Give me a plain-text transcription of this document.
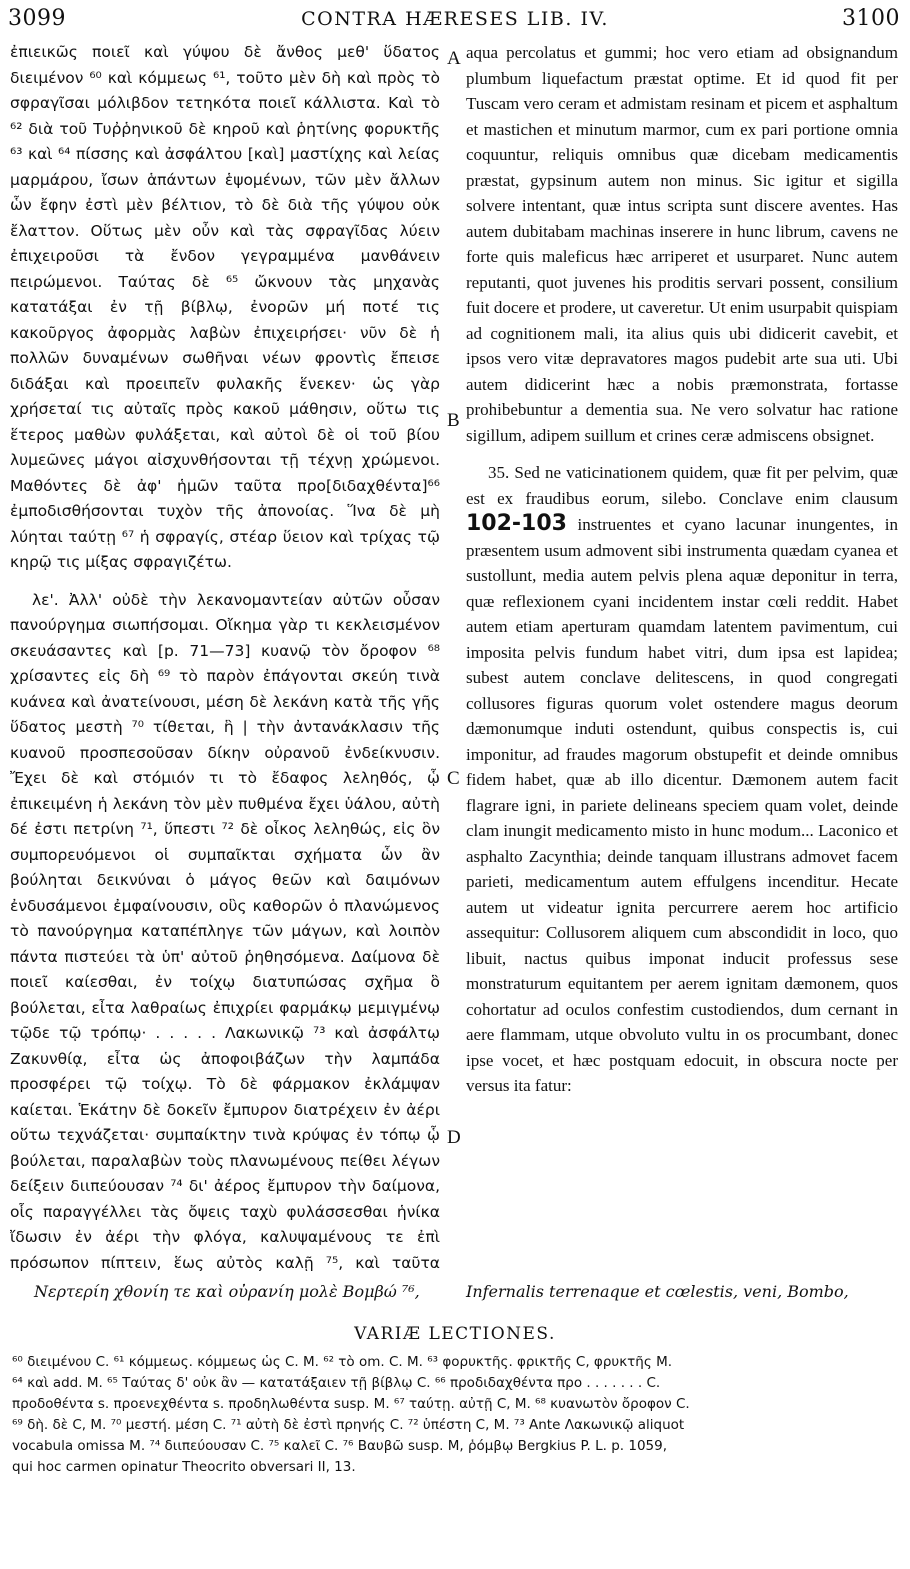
3099	CONTRA HÆRESES LIB. IV.	3100

ἐπιεικῶς ποιεῖ καὶ γύψου δὲ ἄνθος μεθ' ὕδατος διειμένον ⁶⁰ καὶ κόμμεως ⁶¹, τοῦτο μὲν δὴ καὶ πρὸς τὸ σφραγῖσαι μόλιβδον τετηκότα ποιεῖ κάλλιστα. Καὶ τὸ ⁶² διὰ τοῦ Τυῤῥηνικοῦ δὲ κηροῦ καὶ ῥητίνης φορυκτῆς ⁶³ καὶ ⁶⁴ πίσσης καὶ ἀσφάλτου [καὶ] μαστίχης καὶ λείας μαρμάρου, ἴσων ἁπάντων ἑψομένων, τῶν μὲν ἄλλων ὧν ἔφην ἐστὶ μὲν βέλτιον, τὸ δὲ διὰ τῆς γύψου οὐκ ἔλαττον. Οὕτως μὲν οὖν καὶ τὰς σφραγῖδας λύειν ἐπιχειροῦσι τὰ ἔνδον γεγραμμένα μανθάνειν πειρώμενοι. Ταύτας δὲ ⁶⁵ ὤκνουν τὰς μηχανὰς κατατάξαι ἐν τῇ βίβλῳ, ἐνορῶν μή ποτέ τις κακοῦργος ἀφορμὰς λαβὼν ἐπιχειρήσει· νῦν δὲ ἡ πολλῶν δυναμένων σωθῆναι νέων φροντὶς ἔπεισε διδάξαι καὶ προειπεῖν φυλακῆς ἕνεκεν· ὡς γὰρ χρήσεταί τις αὐταῖς πρὸς κακοῦ μάθησιν, οὕτω τις ἕτερος μαθὼν φυλάξεται, καὶ αὐτοὶ δὲ οἱ τοῦ βίου λυμεῶνες μάγοι αἰσχυνθήσονται τῇ τέχνῃ χρώμενοι. Μαθόντες δὲ ἀφ' ἡμῶν ταῦτα προ[διδαχθέντα]⁶⁶ ἐμποδισθήσονται τυχὸν τῆς ἀπονοίας. Ἵνα δὲ μὴ λύηται ταύτῃ ⁶⁷ ἡ σφραγίς, στέαρ ὕειον καὶ τρίχας τῷ κηρῷ τις μίξας σφραγιζέτω.

λε'. Ἀλλ' οὐδὲ τὴν λεκανομαντείαν αὐτῶν οὖσαν πανούργημα σιωπήσομαι. Οἴκημα γὰρ τι κεκλεισμένον σκευάσαντες καὶ [p. 71—73] κυανῷ τὸν ὄροφον ⁶⁸ χρίσαντες εἰς δὴ ⁶⁹ τὸ παρὸν ἐπάγονται σκεύη τινὰ κυάνεα καὶ ἀνατείνουσι, μέση δὲ λεκάνη κατὰ τῆς γῆς ὕδατος μεστὴ ⁷⁰ τίθεται, ἣ | τὴν ἀντανάκλασιν τῆς κυανοῦ προσπεσοῦσαν δίκην οὐρανοῦ ἐνδείκνυσιν. Ἔχει δὲ καὶ στόμιόν τι τὸ ἔδαφος λεληθός, ᾧ ἐπικειμένη ἡ λεκάνη τὸν μὲν πυθμένα ἔχει ὑάλου, αὐτὴ δέ ἐστι πετρίνη ⁷¹, ὕπεστι ⁷² δὲ οἶκος λεληθώς, εἰς ὃν συμπορευόμενοι οἱ συμπαῖκται σχήματα ὧν ἂν βούληται δεικνύναι ὁ μάγος θεῶν καὶ δαιμόνων ἐνδυσάμενοι ἐμφαίνουσιν, οὓς καθορῶν ὁ πλανώμενος τὸ πανούργημα καταπέπληγε τῶν μάγων, καὶ λοιπὸν πάντα πιστεύει τὰ ὑπ' αὐτοῦ ῥηθησόμενα. Δαίμονα δὲ ποιεῖ καίεσθαι, ἐν τοίχῳ διατυπώσας σχῆμα ὃ βούλεται, εἶτα λαθραίως ἐπιχρίει φαρμάκῳ μεμιγμένῳ τῷδε τῷ τρόπῳ· . . . . . Λακωνικῷ ⁷³ καὶ ἀσφάλτῳ Ζακυνθίᾳ, εἶτα ὡς ἀποφοιβάζων τὴν λαμπάδα προσφέρει τῷ τοίχῳ. Τὸ δὲ φάρμακον ἐκλάμψαν καίεται. Ἑκάτην δὲ δοκεῖν ἔμπυρον διατρέχειν ἐν ἀέρι οὕτω τεχνάζεται· συμπαίκτην τινὰ κρύψας ἐν τόπῳ ᾧ βούλεται, παραλαβὼν τοὺς πλανωμένους πείθει λέγων δείξειν διιπεύουσαν ⁷⁴ δι' ἀέρος ἔμπυρον τὴν δαίμονα, οἷς παραγγέλλει τὰς ὄψεις ταχὺ φυλάσσεσθαι ἡνίκα ἴδωσιν ἐν ἀέρι τὴν φλόγα, καλυψαμένους τε ἐπὶ πρόσωπον πίπτειν, ἕως αὐτὸς καλῇ ⁷⁵, καὶ ταῦτα

A
B
C
D

aqua percolatus et gummi; hoc vero etiam ad obsignandum plumbum liquefactum præstat optime. Et id quod fit per Tuscam vero ceram et admistam resinam et picem et asphaltum et mastichen et minutum marmor, cum ex pari portione omnia coquuntur, reliquis omnibus quæ dicebam medicamentis præstat, gypsinum autem non minus. Sic igitur et sigilla solvere intentant, quæ intus scripta sunt discere aventes. Has autem dubitabam machinas inserere in hunc librum, cavens ne forte quis maleficus hæc arriperet et usurparet. Nunc autem reputanti, quot juvenes his proditis servari possent, consilium fuit docere et prodere, ut caveretur. Ut enim usurpabit quispiam ad cognitionem mali, ita alius quis ubi didicerit cavebit, et ipsos vero vitæ depravatores magos pudebit arte sua uti. Ubi autem didicerint hæc a nobis præmonstrata, fortasse prohibebuntur a dementia sua. Ne vero solvatur hac ratione sigillum, adipem suillum et crines ceræ admiscens obsignet.

35. Sed ne vaticinationem quidem, quæ fit per pelvim, quæ est ex fraudibus eorum, silebo. Conclave enim clausum 102-103 instruentes et cyano lacunar inungentes, in præsentem usum admovent sibi instrumenta quædam cyanea et sustollunt, media autem pelvis plena aquæ deponitur in terra, quæ reflexionem cyani incidentem instar cœli reddit. Habet autem etiam aperturam quamdam latentem pavimentum, cui imposita pelvis fundum habet vitri, dum ipsa est lapidea; subest autem conclave delitescens, in quod congregati collusores figuras quorum volet ostendere magus deorum dæmonumque induti ostendunt, quibus conspectis is, cui imponitur, ad fraudes magorum obstupefit et deinde omnibus fidem habet, quæ ab illo dicentur. Dæmonem autem facit flagrare igni, in pariete delineans speciem quam volet, deinde clam inungit medicamento misto in hunc modum... Laconico et asphalto Zacynthia; deinde tanquam illustrans admovet facem parieti, medicamentum autem effulgens incenditur. Hecate autem ut videatur ignita percurrere aerem hoc artificio assequitur: Collusorem aliquem cum abscondidit in loco, quo libuit, nactus quibus imponat inducit professus sese monstraturum equitantem per aerem ignitam dæmonem, quos cohortatur ad oculos confestim custodiendos, dum cernant in aere flammam, utque obvoluto vultu in os procumbant, donec ipse vocet, et hæc postquam edocuit, in obscura nocte per versus ita fatur:

Νερτερίη χθονίη τε καὶ οὐρανίη μολὲ Βομβώ ⁷⁶,	Infernalis terrenaque et cœlestis, veni, Bombo,
VARIÆ LECTIONES.

⁶⁰ διειμένου C. ⁶¹ κόμμεως. κόμμεως ὡς C. M. ⁶² τὸ om. C. M. ⁶³ φορυκτῆς. φρικτῆς C, φρυκτῆς M.

⁶⁴ καὶ add. M. ⁶⁵ Ταύτας δ' οὐκ ἂν — κατατάξαιεν τῇ βίβλῳ C. ⁶⁶ προδιδαχθέντα προ . . . . . . . C.

προδοθέντα s. προενεχθέντα s. προδηλωθέντα susp. M. ⁶⁷ ταύτῃ. αὐτῇ C, M. ⁶⁸ κυανωτὸν ὄροφον C.

⁶⁹ δὴ. δὲ C, M. ⁷⁰ μεστή. μέση C. ⁷¹ αὐτὴ δὲ ἐστὶ πρηνής C. ⁷² ὑπέστη C, M. ⁷³ Ante Λακωνικῷ aliquot

vocabula omissa M. ⁷⁴ διιπεύουσαν C. ⁷⁵ καλεῖ C. ⁷⁶ Βαυβῶ susp. M, ῥόμβῳ Bergkius P. L. p. 1059,

qui hoc carmen opinatur Theocrito obversari II, 13.
